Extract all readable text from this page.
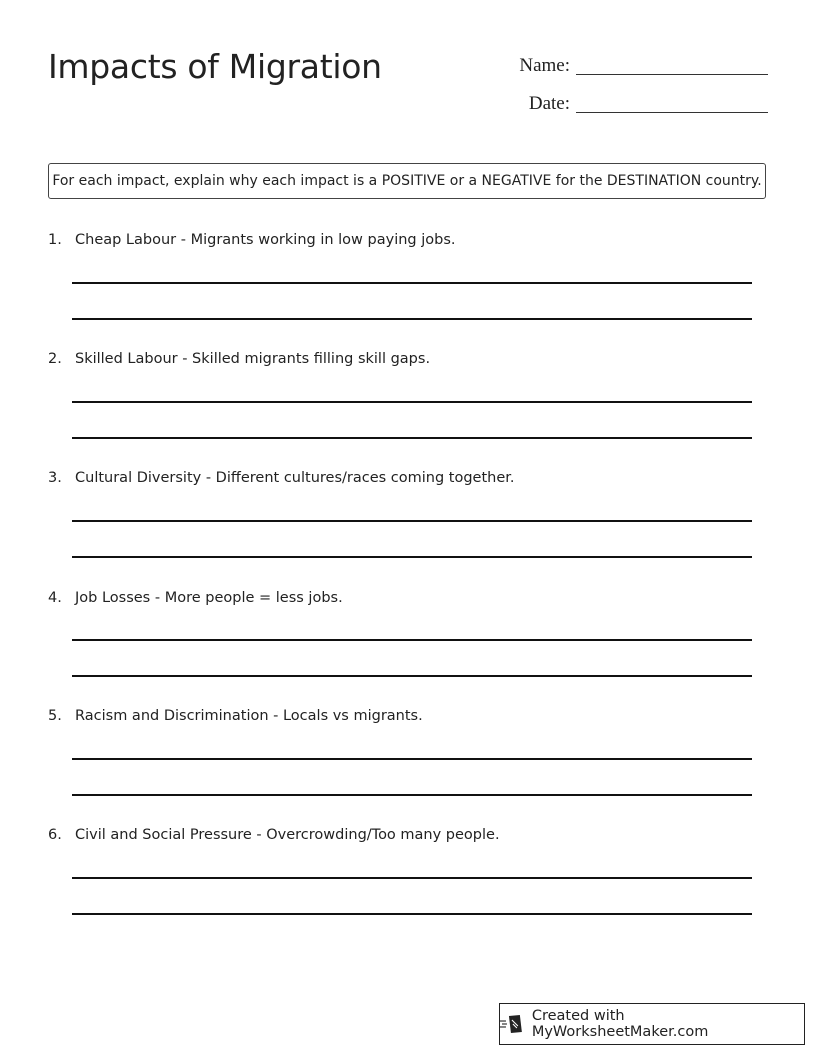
Impacts of Migration	Name:
Date:
For each impact, explain why each impact is a POSITIVE or a NEGATIVE for the DESTINATION country.
1. Cheap Labour - Migrants working in low paying jobs.
2. Skilled Labour - Skilled migrants filling skill gaps.
3. Cultural Diversity - Different cultures/races coming together.
4. Job Losses - More people = less jobs.
5. Racism and Discrimination - Locals vs migrants.
6. Civil and Social Pressure - Overcrowding/Too many people.
Created with MyWorksheetMaker.com
